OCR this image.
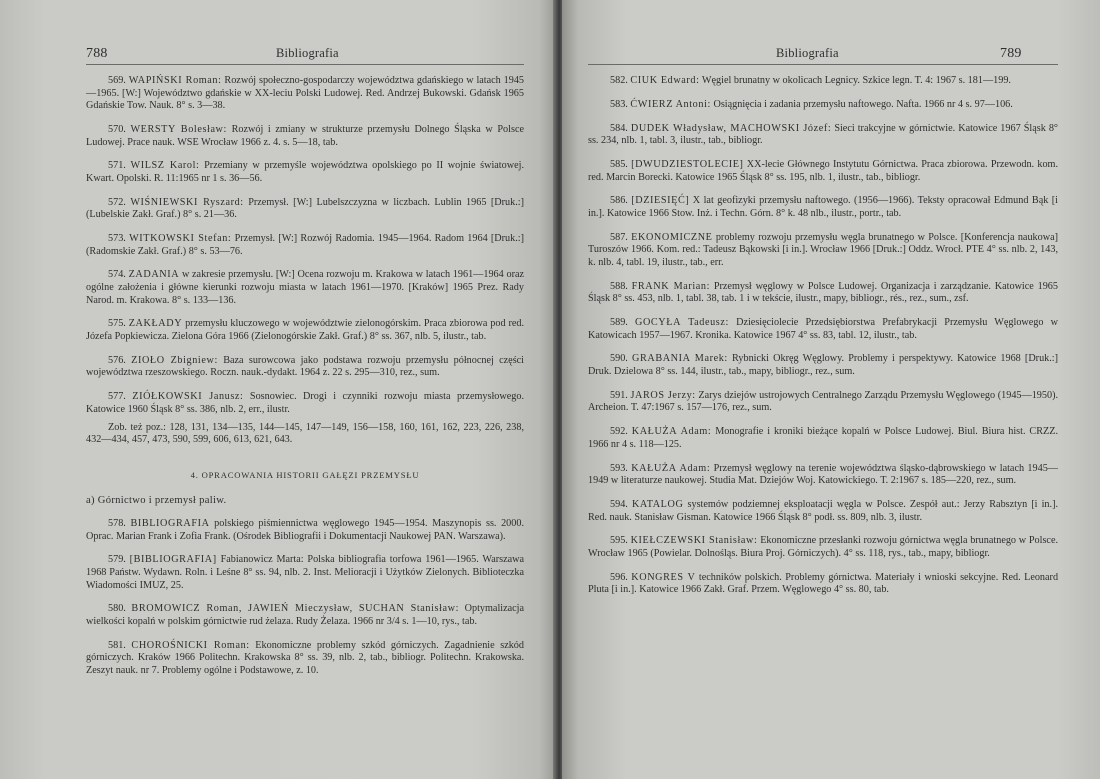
788	Bibliografia
569. WAPIŃSKI Roman: Rozwój społeczno-gospodarczy województwa gdańskiego w latach 1945—1965. [W:] Województwo gdańskie w XX-leciu Polski Ludowej. Red. Andrzej Bukowski. Gdańsk 1965 Gdańskie Tow. Nauk. 8° s. 3—38.
570. WERSTY Bolesław: Rozwój i zmiany w strukturze przemysłu Dolnego Śląska w Polsce Ludowej. Prace nauk. WSE Wrocław 1966 z. 4. s. 5—18, tab.
571. WILSZ Karol: Przemiany w przemyśle województwa opolskiego po II wojnie światowej. Kwart. Opolski. R. 11:1965 nr 1 s. 36—56.
572. WIŚNIEWSKI Ryszard: Przemysł. [W:] Lubelszczyzna w liczbach. Lublin 1965 [Druk.:] (Lubelskie Zakł. Graf.) 8° s. 21—36.
573. WITKOWSKI Stefan: Przemysł. [W:] Rozwój Radomia. 1945—1964. Radom 1964 [Druk.:] (Radomskie Zakł. Graf.) 8° s. 53—76.
574. ZADANIA w zakresie przemysłu. [W:] Ocena rozwoju m. Krakowa w latach 1961—1964 oraz ogólne założenia i główne kierunki rozwoju miasta w latach 1961—1970. [Kraków] 1965 Prez. Rady Narod. m. Krakowa. 8° s. 133—136.
575. ZAKŁADY przemysłu kluczowego w województwie zielonogórskim. Praca zbiorowa pod red. Józefa Popkiewicza. Zielona Góra 1966 (Zielonogórskie Zakł. Graf.) 8° ss. 367, nlb. 5, ilustr., tab.
576. ZIOŁO Zbigniew: Baza surowcowa jako podstawa rozwoju przemysłu północnej części województwa rzeszowskiego. Roczn. nauk.-dydakt. 1964 z. 22 s. 295—310, rez., sum.
577. ZIÓŁKOWSKI Janusz: Sosnowiec. Drogi i czynniki rozwoju miasta przemysłowego. Katowice 1960 Śląsk 8° ss. 386, nlb. 2, err., ilustr.
Zob. też poz.: 128, 131, 134—135, 144—145, 147—149, 156—158, 160, 161, 162, 223, 226, 238, 432—434, 457, 473, 590, 599, 606, 613, 621, 643.
4. OPRACOWANIA HISTORII GAŁĘZI PRZEMYSŁU
a) Górnictwo i przemysł paliw.
578. BIBLIOGRAFIA polskiego piśmiennictwa węglowego 1945—1954. Maszynopis ss. 2000. Oprac. Marian Frank i Zofia Frank. (Ośrodek Bibliografii i Dokumentacji Naukowej PAN. Warszawa).
579. [BIBLIOGRAFIA] Fabianowicz Marta: Polska bibliografia torfowa 1961—1965. Warszawa 1968 Państw. Wydawn. Roln. i Leśne 8° ss. 94, nlb. 2. Inst. Melioracji i Użytków Zielonych. Biblioteczka Wiadomości IMUZ, 25.
580. BROMOWICZ Roman, JAWIEŃ Mieczysław, SUCHAN Stanisław: Optymalizacja wielkości kopalń w polskim górnictwie rud żelaza. Rudy Żelaza. 1966 nr 3/4 s. 1—10, rys., tab.
581. CHOROŚNICKI Roman: Ekonomiczne problemy szkód górniczych. Zagadnienie szkód górniczych. Kraków 1966 Politechn. Krakowska 8° ss. 39, nlb. 2, tab., bibliogr. Politechn. Krakowska. Zeszyt nauk. nr 7. Problemy ogólne i Podstawowe, z. 10.
Bibliografia	789
582. CIUK Edward: Węgiel brunatny w okolicach Legnicy. Szkice legn. T. 4: 1967 s. 181—199.
583. ĆWIERZ Antoni: Osiągnięcia i zadania przemysłu naftowego. Nafta. 1966 nr 4 s. 97—106.
584. DUDEK Władysław, MACHOWSKI Józef: Sieci trakcyjne w górnictwie. Katowice 1967 Śląsk 8° ss. 234, nlb. 1, tabl. 3, ilustr., tab., bibliogr.
585. [DWUDZIESTOLECIE] XX-lecie Głównego Instytutu Górnictwa. Praca zbiorowa. Przewodn. kom. red. Marcin Borecki. Katowice 1965 Śląsk 8° ss. 195, nlb. 1, ilustr., tab., bibliogr.
586. [DZIESIĘĆ] X lat geofizyki przemysłu naftowego. (1956—1966). Teksty opracował Edmund Bąk [i in.]. Katowice 1966 Stow. Inż. i Techn. Górn. 8° k. 48 nlb., ilustr., portr., tab.
587. EKONOMICZNE problemy rozwoju przemysłu węgla brunatnego w Polsce. [Konferencja naukowa] Turoszów 1966. Kom. red.: Tadeusz Bąkowski [i in.]. Wrocław 1966 [Druk.:] Oddz. Wrocł. PTE 4° ss. nlb. 2, 143, k. nlb. 4, tabl. 19, ilustr., tab., err.
588. FRANK Marian: Przemysł węglowy w Polsce Ludowej. Organizacja i zarządzanie. Katowice 1965 Śląsk 8° ss. 453, nlb. 1, tabl. 38, tab. 1 i w tekście, ilustr., mapy, bibliogr., rés., rez., sum., zsf.
589. GOCYŁA Tadeusz: Dziesięciolecie Przedsiębiorstwa Prefabrykacji Przemysłu Węglowego w Katowicach 1957—1967. Kronika. Katowice 1967 4° ss. 83, tabl. 12, ilustr., tab.
590. GRABANIA Marek: Rybnicki Okręg Węglowy. Problemy i perspektywy. Katowice 1968 [Druk.:] Druk. Dzielowa 8° ss. 144, ilustr., tab., mapy, bibliogr., rez., sum.
591. JAROS Jerzy: Zarys dziejów ustrojowych Centralnego Zarządu Przemysłu Węglowego (1945—1950). Archeion. T. 47:1967 s. 157—176, rez., sum.
592. KAŁUŻA Adam: Monografie i kroniki bieżące kopalń w Polsce Ludowej. Biul. Biura hist. CRZZ. 1966 nr 4 s. 118—125.
593. KAŁUŻA Adam: Przemysł węglowy na terenie województwa śląsko-dąbrowskiego w latach 1945—1949 w literaturze naukowej. Studia Mat. Dziejów Woj. Katowickiego. T. 2:1967 s. 185—220, rez., sum.
594. KATALOG systemów podziemnej eksploatacji węgla w Polsce. Zespół aut.: Jerzy Rabsztyn [i in.]. Red. nauk. Stanisław Gisman. Katowice 1966 Śląsk 8° podł. ss. 809, nlb. 3, ilustr.
595. KIEŁCZEWSKI Stanisław: Ekonomiczne przesłanki rozwoju górnictwa węgla brunatnego w Polsce. Wrocław 1965 (Powielar. Dolnośląs. Biura Proj. Górniczych). 4° ss. 118, rys., tab., mapy, bibliogr.
596. KONGRES V techników polskich. Problemy górnictwa. Materiały i wnioski sekcyjne. Red. Leonard Pluta [i in.]. Katowice 1966 Zakł. Graf. Przem. Węglowego 4° ss. 80, tab.
